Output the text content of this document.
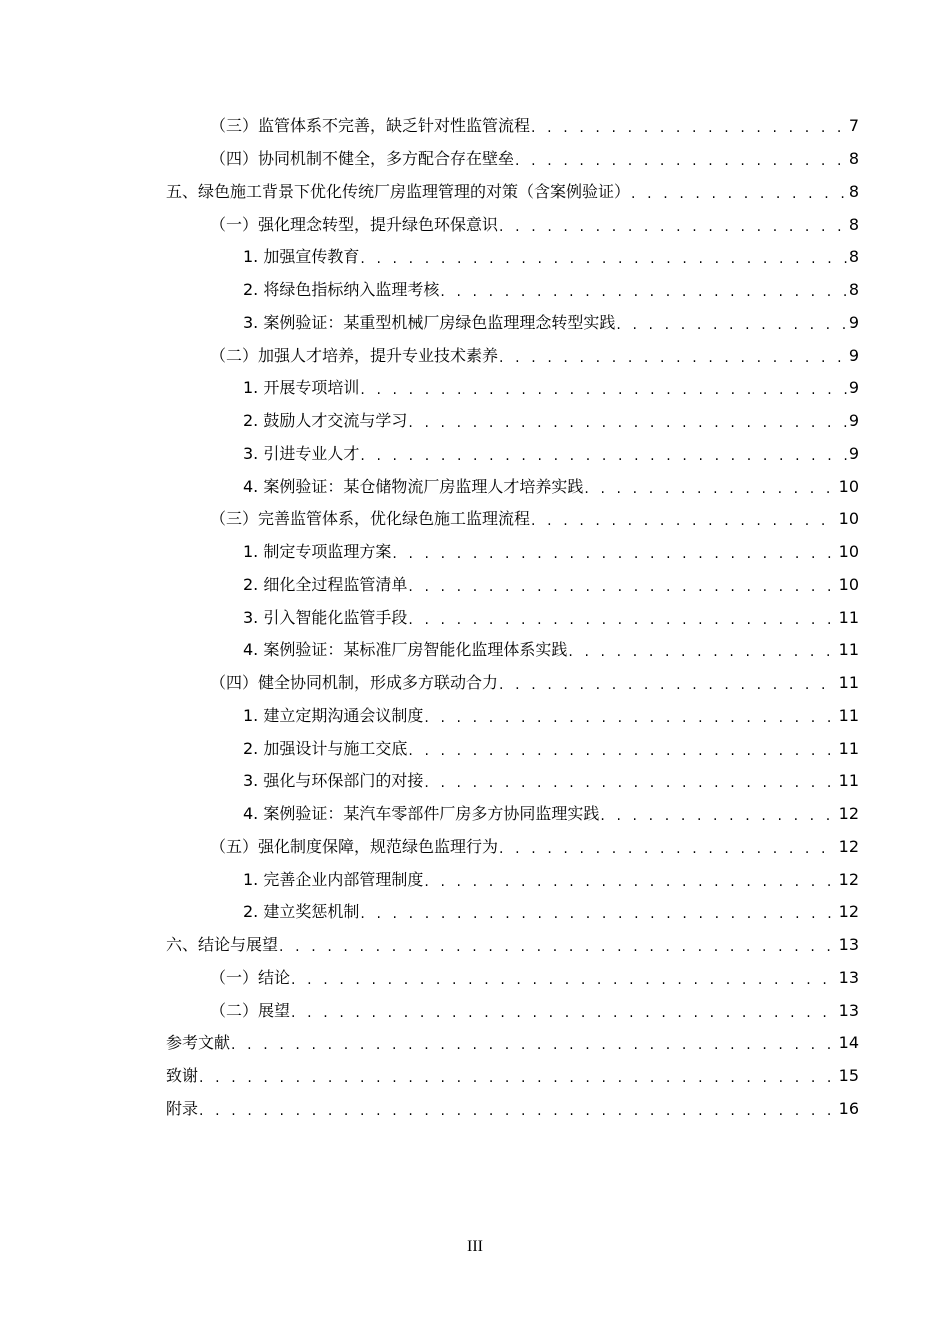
（三）监管体系不完善，缺乏针对性监管流程 . . .	7
（四）协同机制不健全，多方配合存在壁垒 . . .	8
五、绿色施工背景下优化传统厂房监理管理的对策（含案例验证） . . .	8
（一）强化理念转型，提升绿色环保意识 . . .	8
1. 加强宣传教育 . . .	8
2. 将绿色指标纳入监理考核 . . .	8
3. 案例验证：某重型机械厂房绿色监理理念转型实践 . . .	9
（二）加强人才培养，提升专业技术素养 . . .	9
1. 开展专项培训 . . .	9
2. 鼓励人才交流与学习 . . .	9
3. 引进专业人才 . . .	9
4. 案例验证：某仓储物流厂房监理人才培养实践 . . .	10
（三）完善监管体系，优化绿色施工监理流程 . . .	10
1. 制定专项监理方案 . . .	10
2. 细化全过程监管清单 . . .	10
3. 引入智能化监管手段 . . .	11
4. 案例验证：某标准厂房智能化监理体系实践 . . .	11
（四）健全协同机制，形成多方联动合力 . . .	11
1. 建立定期沟通会议制度 . . .	11
2. 加强设计与施工交底 . . .	11
3. 强化与环保部门的对接 . . .	11
4. 案例验证：某汽车零部件厂房多方协同监理实践 . . .	12
（五）强化制度保障，规范绿色监理行为 . . .	12
1. 完善企业内部管理制度 . . .	12
2. 建立奖惩机制 . . .	12
六、结论与展望 . . .	13
（一）结论 . . .	13
（二）展望 . . .	13
参考文献 . . .	14
致谢 . . .	15
附录 . . .	16
III
